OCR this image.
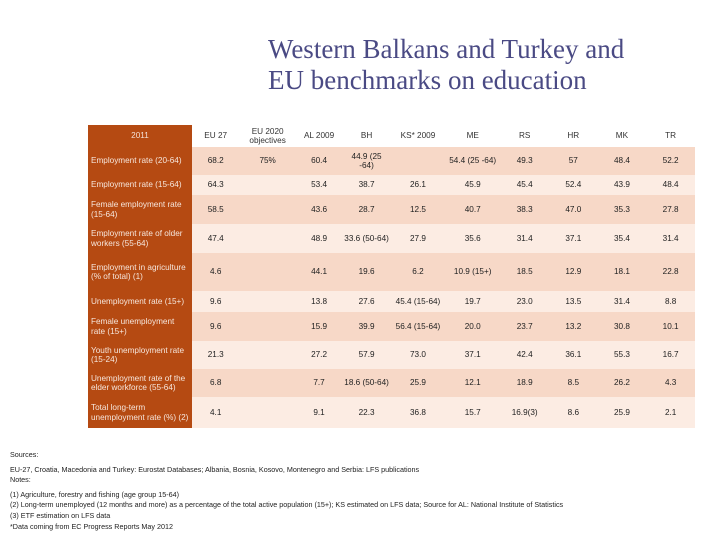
Western Balkans and Turkey and
EU benchmarks on education
2011	EU 27	EU 2020 objectives	AL 2009	BH	KS* 2009	ME	RS	HR	MK	TR
Employment rate (20-64)	68.2	75%	60.4	44.9 (25 -64)		54.4 (25 -64)	49.3	57	48.4	52.2
Employment rate (15-64)	64.3		53.4	38.7	26.1	45.9	45.4	52.4	43.9	48.4
Female employment rate (15-64)	58.5		43.6	28.7	12.5	40.7	38.3	47.0	35.3	27.8
Employment rate of older workers (55-64)	47.4		48.9	33.6 (50-64)	27.9	35.6	31.4	37.1	35.4	31.4
Employment in agriculture (% of total) (1)	4.6		44.1	19.6	6.2	10.9 (15+)	18.5	12.9	18.1	22.8
Unemployment rate (15+)	9.6		13.8	27.6	45.4 (15-64)	19.7	23.0	13.5	31.4	8.8
Female unemployment rate (15+)	9.6		15.9	39.9	56.4 (15-64)	20.0	23.7	13.2	30.8	10.1
Youth unemployment rate (15-24)	21.3		27.2	57.9	73.0	37.1	42.4	36.1	55.3	16.7
Unemployment rate of the elder workforce (55-64)	6.8		7.7	18.6 (50-64)	25.9	12.1	18.9	8.5	26.2	4.3
Total long-term unemployment rate (%) (2)	4.1		9.1	22.3	36.8	15.7	16.9(3)	8.6	25.9	2.1
Sources:
EU-27, Croatia, Macedonia and Turkey: Eurostat Databases; Albania, Bosnia, Kosovo, Montenegro and Serbia: LFS publications
Notes:
(1) Agriculture, forestry and fishing (age group 15-64)
(2) Long-term unemployed (12 months and more) as a percentage of the total active population (15+); KS estimated on LFS data; Source for AL: National Institute of Statistics
(3) ETF estimation on LFS data
*Data coming from EC Progress Reports May 2012
